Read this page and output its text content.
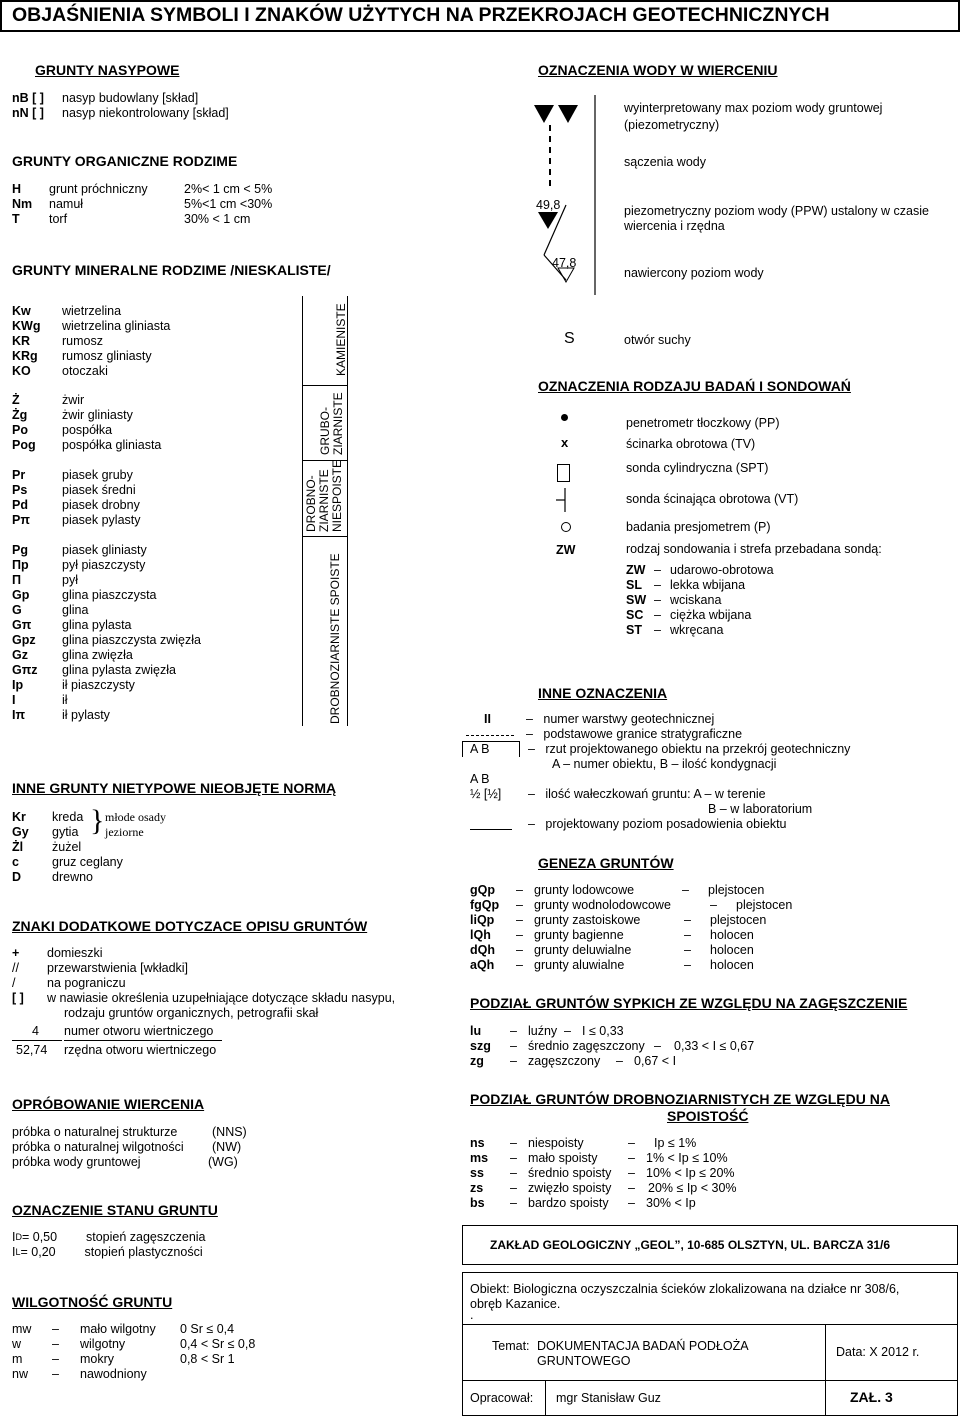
OBJAŚNIENIA SYMBOLI I ZNAKÓW UŻYTYCH NA PRZEKROJACH GEOTECHNICZNYCH
GRUNTY NASYPOWE
nB [ ]	nasyp budowlany [skład]
nN [ ]	nasyp niekontrolowany [skład]
GRUNTY ORGANICZNE RODZIME
H	grunt próchniczny	2%< 1 cm < 5%
Nm	namuł	5%<1 cm <30%
T	torf	30% < 1 cm
GRUNTY MINERALNE RODZIME /NIESKALISTE/
Kw	wietrzelina
KWg	wietrzelina gliniasta
KR	rumosz
KRg	rumosz gliniasty
KO	otoczaki
Ż	żwir
Żg	żwir gliniasty
Po	pospółka
Pog	pospółka gliniasta
Pr	piasek gruby
Ps	piasek średni
Pd	piasek drobny
Pπ	piasek pylasty
Pg	piasek gliniasty
Πp	pył piaszczysty
Π	pył
Gp	glina piaszczysta
G	glina
Gπ	glina pylasta
Gpz	glina piaszczysta zwięzła
Gz	glina zwięzła
Gπz	glina pylasta zwięzła
Ip	ił piaszczysty
I	ił
Iπ	ił pylasty
KAMIENISTE
GRUBO- ZIARNISTE
DROBNO- ZIARNISTE NIESPOISTE
DROBNOZIARNISTE SPOISTE
INNE GRUNTY NIETYPOWE NIEOBJĘTE NORMĄ
Kr	kreda
Gy	gytia
Żl	żużel
c	gruz ceglany
D	drewno
} młode osady
jeziorne
ZNAKI DODATKOWE DOTYCZACE OPISU GRUNTÓW
+	domieszki
//	przewarstwienia [wkładki]
/	na pograniczu
[ ]	w nawiasie określenia uzupełniające dotyczące składu nasypu,
rodzaju gruntów organicznych, petrografii skał
4 numer otworu wiertniczego
52,74 rzędna otworu wiertniczego
OPRÓBOWANIE WIERCENIA
próbka o naturalnej strukturze	(NNS)
próbka o naturalnej wilgotności	(NW)
próbka wody gruntowej	(WG)
OZNACZENIE STANU GRUNTU
I D = 0,50	stopień zagęszczenia
I L = 0,20	stopień plastyczności
WILGOTNOŚĆ GRUNTU
mw	–	mało wilgotny	0 Sr ≤ 0,4
w	–	wilgotny	0,4 < Sr ≤ 0,8
m	–	mokry	0,8 < Sr 1
nw	–	nawodniony
OZNACZENIA WODY W WIERCENIU
49,8
47,8
wyinterpretowany max poziom wody gruntowej
(piezometryczny)
sączenia wody
piezometryczny poziom wody (PPW) ustalony w czasie
wiercenia i rzędna
nawiercony poziom wody
S	otwór suchy
OZNACZENIA RODZAJU BADAŃ I SONDOWAŃ
penetrometr tłoczkowy (PP)
x	ścinarka obrotowa (TV)
sonda cylindryczna (SPT)
sonda ścinająca obrotowa (VT)
badania presjometrem (P)
ZW	rodzaj sondowania i strefa przebadana sondą:
ZW – udarowo-obrotowa
SL – lekka wbijana
SW – wciskana
SC – ciężka wbijana
ST – wkręcana
INNE OZNACZENIA
II	–   numer warstwy geotechnicznej
–   podstawowe granice stratygraficzne
A B	–   rzut projektowanego obiektu na przekrój geotechniczny
A – numer obiektu, B – ilość kondygnacji
A B
½ [½] –   ilość wałeczkowań gruntu: A – w terenie
B – w laboratorium
–   projektowany poziom posadowienia obiektu
GENEZA GRUNTÓW
gQp	– grunty lodowcowe	–	plejstocen
fgQp	– grunty wodnolodowcowe	–	plejstocen
liQp	– grunty zastoiskowe	–	plejstocen
lQh	– grunty bagienne	–	holocen
dQh	– grunty deluwialne	–	holocen
aQh	– grunty aluwialne	–	holocen
PODZIAŁ GRUNTÓW SYPKICH ZE WZGLĘDU NA ZAGĘSZCZENIE
lu	– luźny – I ≤ 0,33
szg	– średnio zagęszczony –	0,33 < I ≤ 0,67
zg	– zagęszczony	– 0,67 < I
PODZIAŁ GRUNTÓW DROBNOZIARNISTYCH ZE WZGLĘDU NA
SPOISTOŚĆ
ns	– niespoisty	–	Ip ≤ 1%
ms	– mało spoisty	– 1% < Ip ≤ 10%
ss	– średnio spoisty	– 10% < Ip ≤ 20%
zs	– zwięzło spoisty	–	20% ≤ Ip < 30%
bs	– bardzo spoisty	– 30% < Ip
ZAKŁAD GEOLOGICZNY „GEOL”, 10-685 OLSZTYN, UL. BARCZA 31/6
Obiekt: Biologiczna oczyszczalnia ścieków zlokalizowana na działce nr 308/6,
obręb Kazanice.
.
Temat: DOKUMENTACJA BADAŃ PODŁOŻA
GRUNTOWEGO
Data: X 2012 r.
Opracował: mgr Stanisław Guz	ZAŁ. 3
